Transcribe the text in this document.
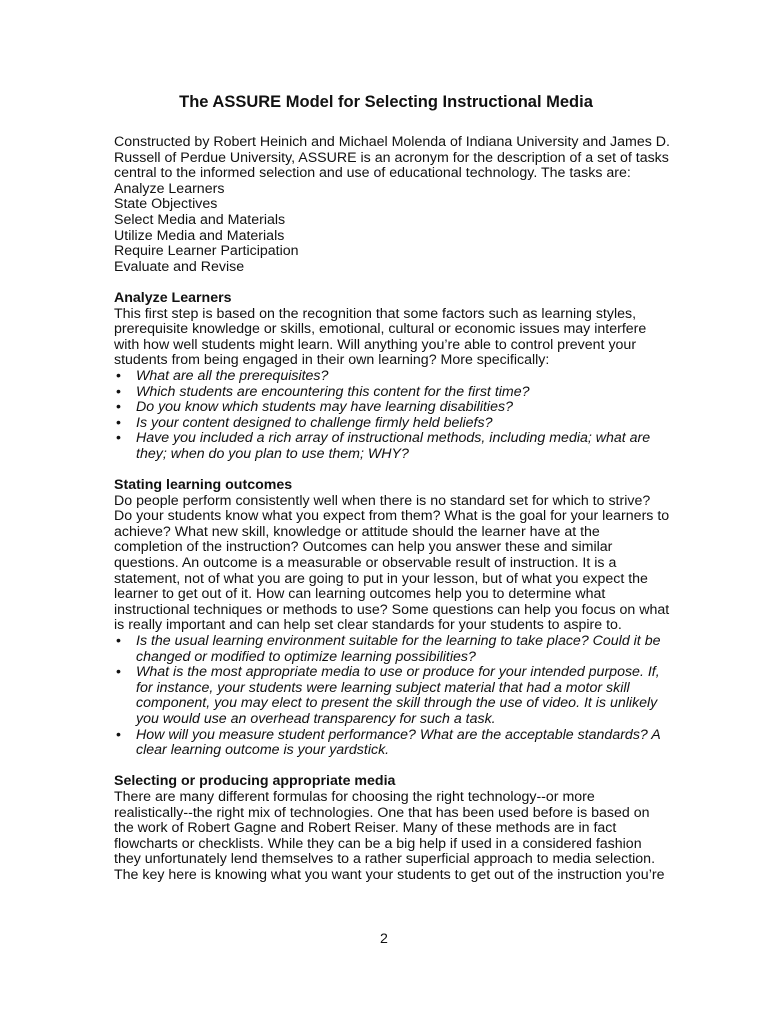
The ASSURE Model for Selecting Instructional Media

Constructed by Robert Heinich and Michael Molenda of Indiana University and James D.
Russell of Perdue University, ASSURE is an acronym for the description of a set of tasks
central to the informed selection and use of educational technology. The tasks are:
Analyze Learners
State Objectives
Select Media and Materials
Utilize Media and Materials
Require Learner Participation
Evaluate and Revise

Analyze Learners
This first step is based on the recognition that some factors such as learning styles,
prerequisite knowledge or skills, emotional, cultural or economic issues may interfere
with how well students might learn. Will anything you’re able to control prevent your
students from being engaged in their own learning? More specifically:
• What are all the prerequisites?
• Which students are encountering this content for the first time?
• Do you know which students may have learning disabilities?
• Is your content designed to challenge firmly held beliefs?
• Have you included a rich array of instructional methods, including media; what are
they; when do you plan to use them; WHY?
Stating learning outcomes
Do people perform consistently well when there is no standard set for which to strive?
Do your students know what you expect from them? What is the goal for your learners to
achieve? What new skill, knowledge or attitude should the learner have at the
completion of the instruction? Outcomes can help you answer these and similar
questions. An outcome is a measurable or observable result of instruction. It is a
statement, not of what you are going to put in your lesson, but of what you expect the
learner to get out of it. How can learning outcomes help you to determine what
instructional techniques or methods to use? Some questions can help you focus on what
is really important and can help set clear standards for your students to aspire to.
• Is the usual learning environment suitable for the learning to take place? Could it be
changed or modified to optimize learning possibilities?
• What is the most appropriate media to use or produce for your intended purpose. If,
for instance, your students were learning subject material that had a motor skill
component, you may elect to present the skill through the use of video. It is unlikely
you would use an overhead transparency for such a task.
• How will you measure student performance? What are the acceptable standards? A
clear learning outcome is your yardstick.
Selecting or producing appropriate media
There are many different formulas for choosing the right technology--or more
realistically--the right mix of technologies. One that has been used before is based on
the work of Robert Gagne and Robert Reiser. Many of these methods are in fact
flowcharts or checklists. While they can be a big help if used in a considered fashion
they unfortunately lend themselves to a rather superficial approach to media selection.
The key here is knowing what you want your students to get out of the instruction you’re
2
